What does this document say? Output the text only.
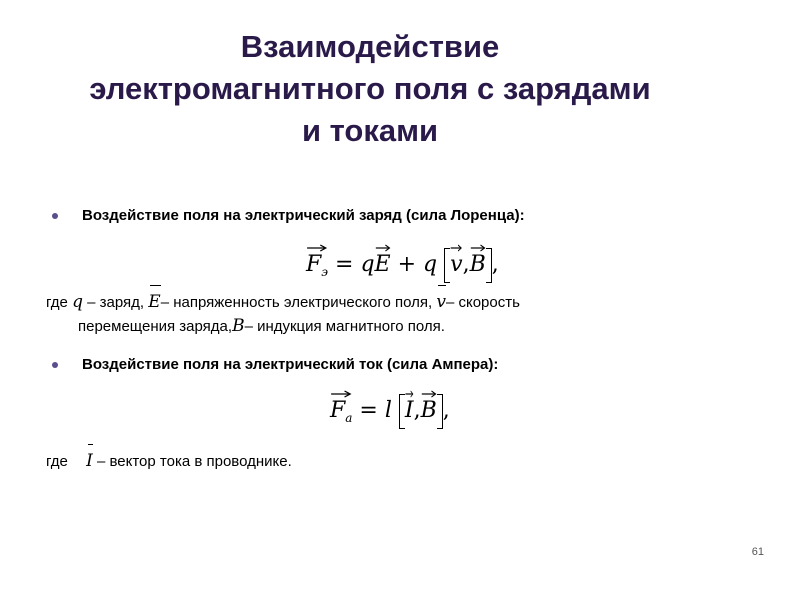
Взаимодействие
электромагнитного поля с зарядами
и токами
Воздействие поля на электрический заряд (сила Лоренца):
$F_э = q$
E + q v,
B ,
где q – заряд, E– напряженность электрического поля, v– скорость
перемещения заряда,B– индукция магнитного поля.
Воздействие поля на электрический ток (сила Ампера):
$F_a = l$ I,
B ,
где I – вектор тока в проводнике.
61
